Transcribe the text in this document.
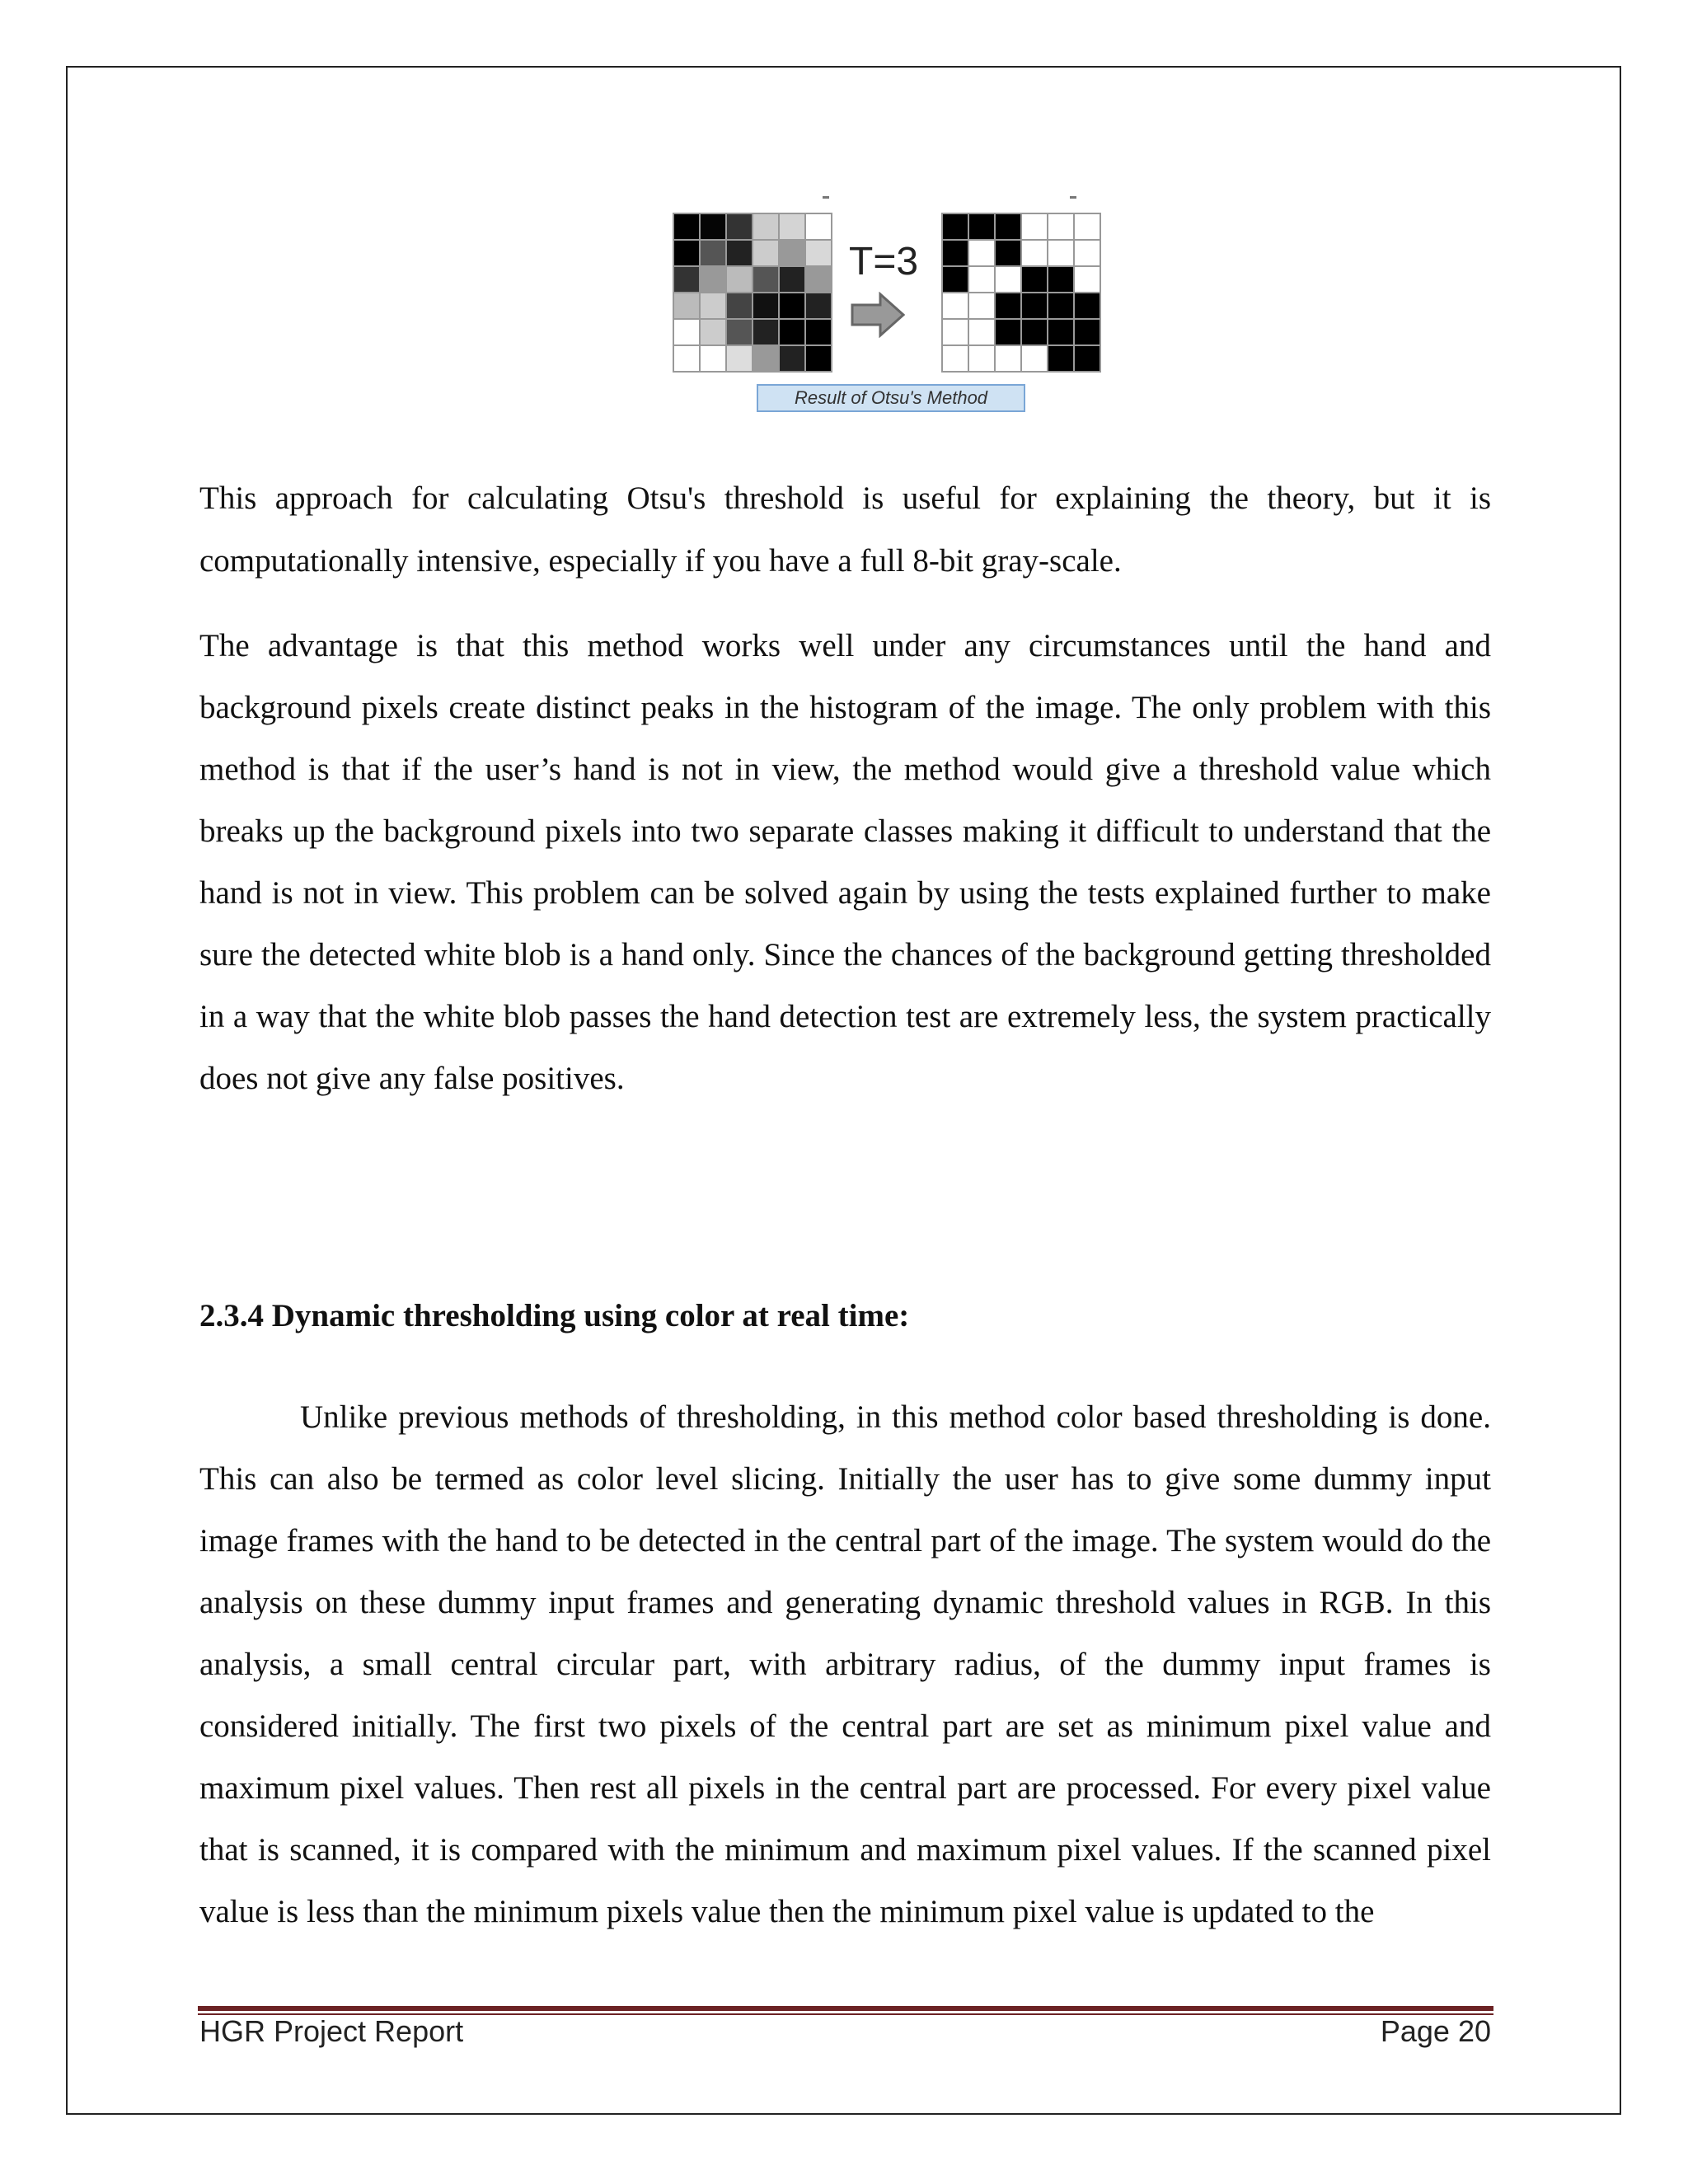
T=3
Result of Otsu's Method

This approach for calculating Otsu's threshold is useful for explaining the theory, but it is computationally intensive, especially if you have a full 8-bit gray-scale.

The advantage is that this method works well under any circumstances until the hand and background pixels create distinct peaks in the histogram of the image. The only problem with this method is that if the user’s hand is not in view, the method would give a threshold value which breaks up the background pixels into two separate classes making it difficult to understand that the hand is not in view. This problem can be solved again by using the tests explained further to make sure the detected white blob is a hand only. Since the chances of the background getting thresholded in a way that the white blob passes the hand detection test are extremely less, the system practically does not give any false positives.

2.3.4 Dynamic thresholding using color at real time:

Unlike previous methods of thresholding, in this method color based thresholding is done. This can also be termed as color level slicing. Initially the user has to give some dummy input image frames with the hand to be detected in the central part of the image. The system would do the analysis on these dummy input frames and generating dynamic threshold values in RGB. In this analysis, a small central circular part, with arbitrary radius, of the dummy input frames is considered initially. The first two pixels of the central part are set as minimum pixel value and maximum pixel values. Then rest all pixels in the central part are processed. For every pixel value that is scanned, it is compared with the minimum and maximum pixel values. If the scanned pixel value is less than the minimum pixels value then the minimum pixel value is updated to the

HGR Project Report	Page 20
